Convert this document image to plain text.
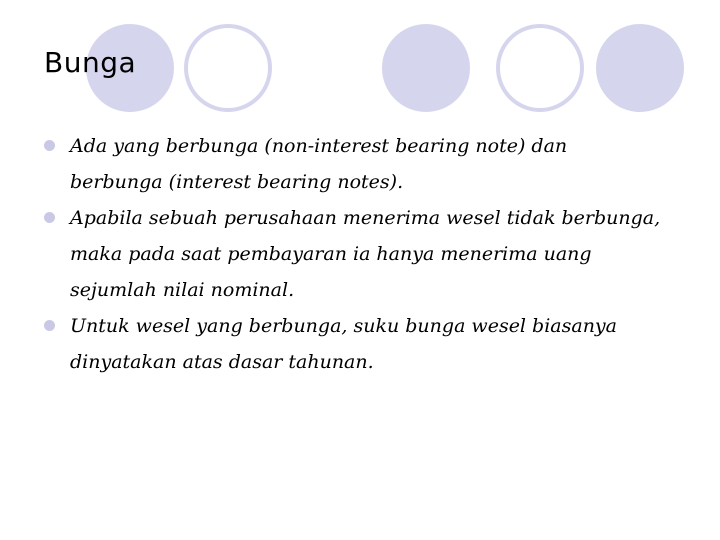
Bunga
Ada yang berbunga (non-interest bearing note) dan berbunga (interest bearing notes).
Apabila sebuah perusahaan menerima wesel tidak berbunga, maka pada saat pembayaran ia hanya menerima uang sejumlah nilai nominal.
Untuk wesel yang berbunga, suku bunga wesel biasanya dinyatakan atas dasar tahunan.
